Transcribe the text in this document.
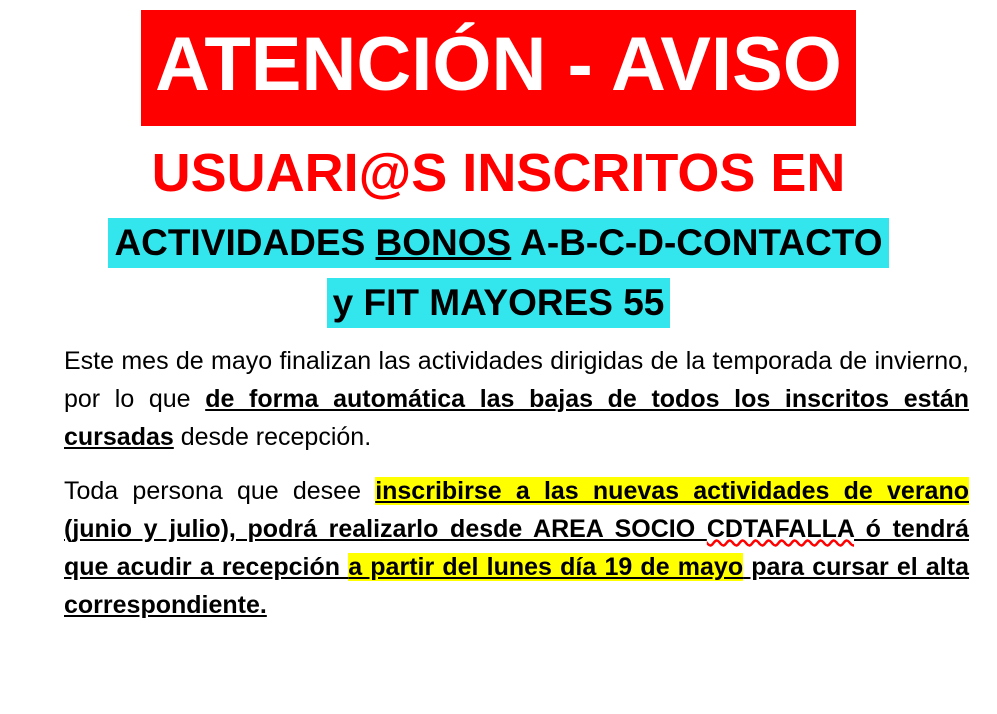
ATENCIÓN - AVISO
USUARI@S INSCRITOS EN
ACTIVIDADES BONOS A-B-C-D-CONTACTO
y FIT MAYORES 55

Este mes de mayo finalizan las actividades dirigidas de la temporada de invierno, por lo que de forma automática las bajas de todos los inscritos están cursadas desde recepción.

Toda persona que desee inscribirse a las nuevas actividades de verano (junio y julio), podrá realizarlo desde AREA SOCIO CDTAFALLA ó tendrá que acudir a recepción a partir del lunes día 19 de mayo para cursar el alta correspondiente.
